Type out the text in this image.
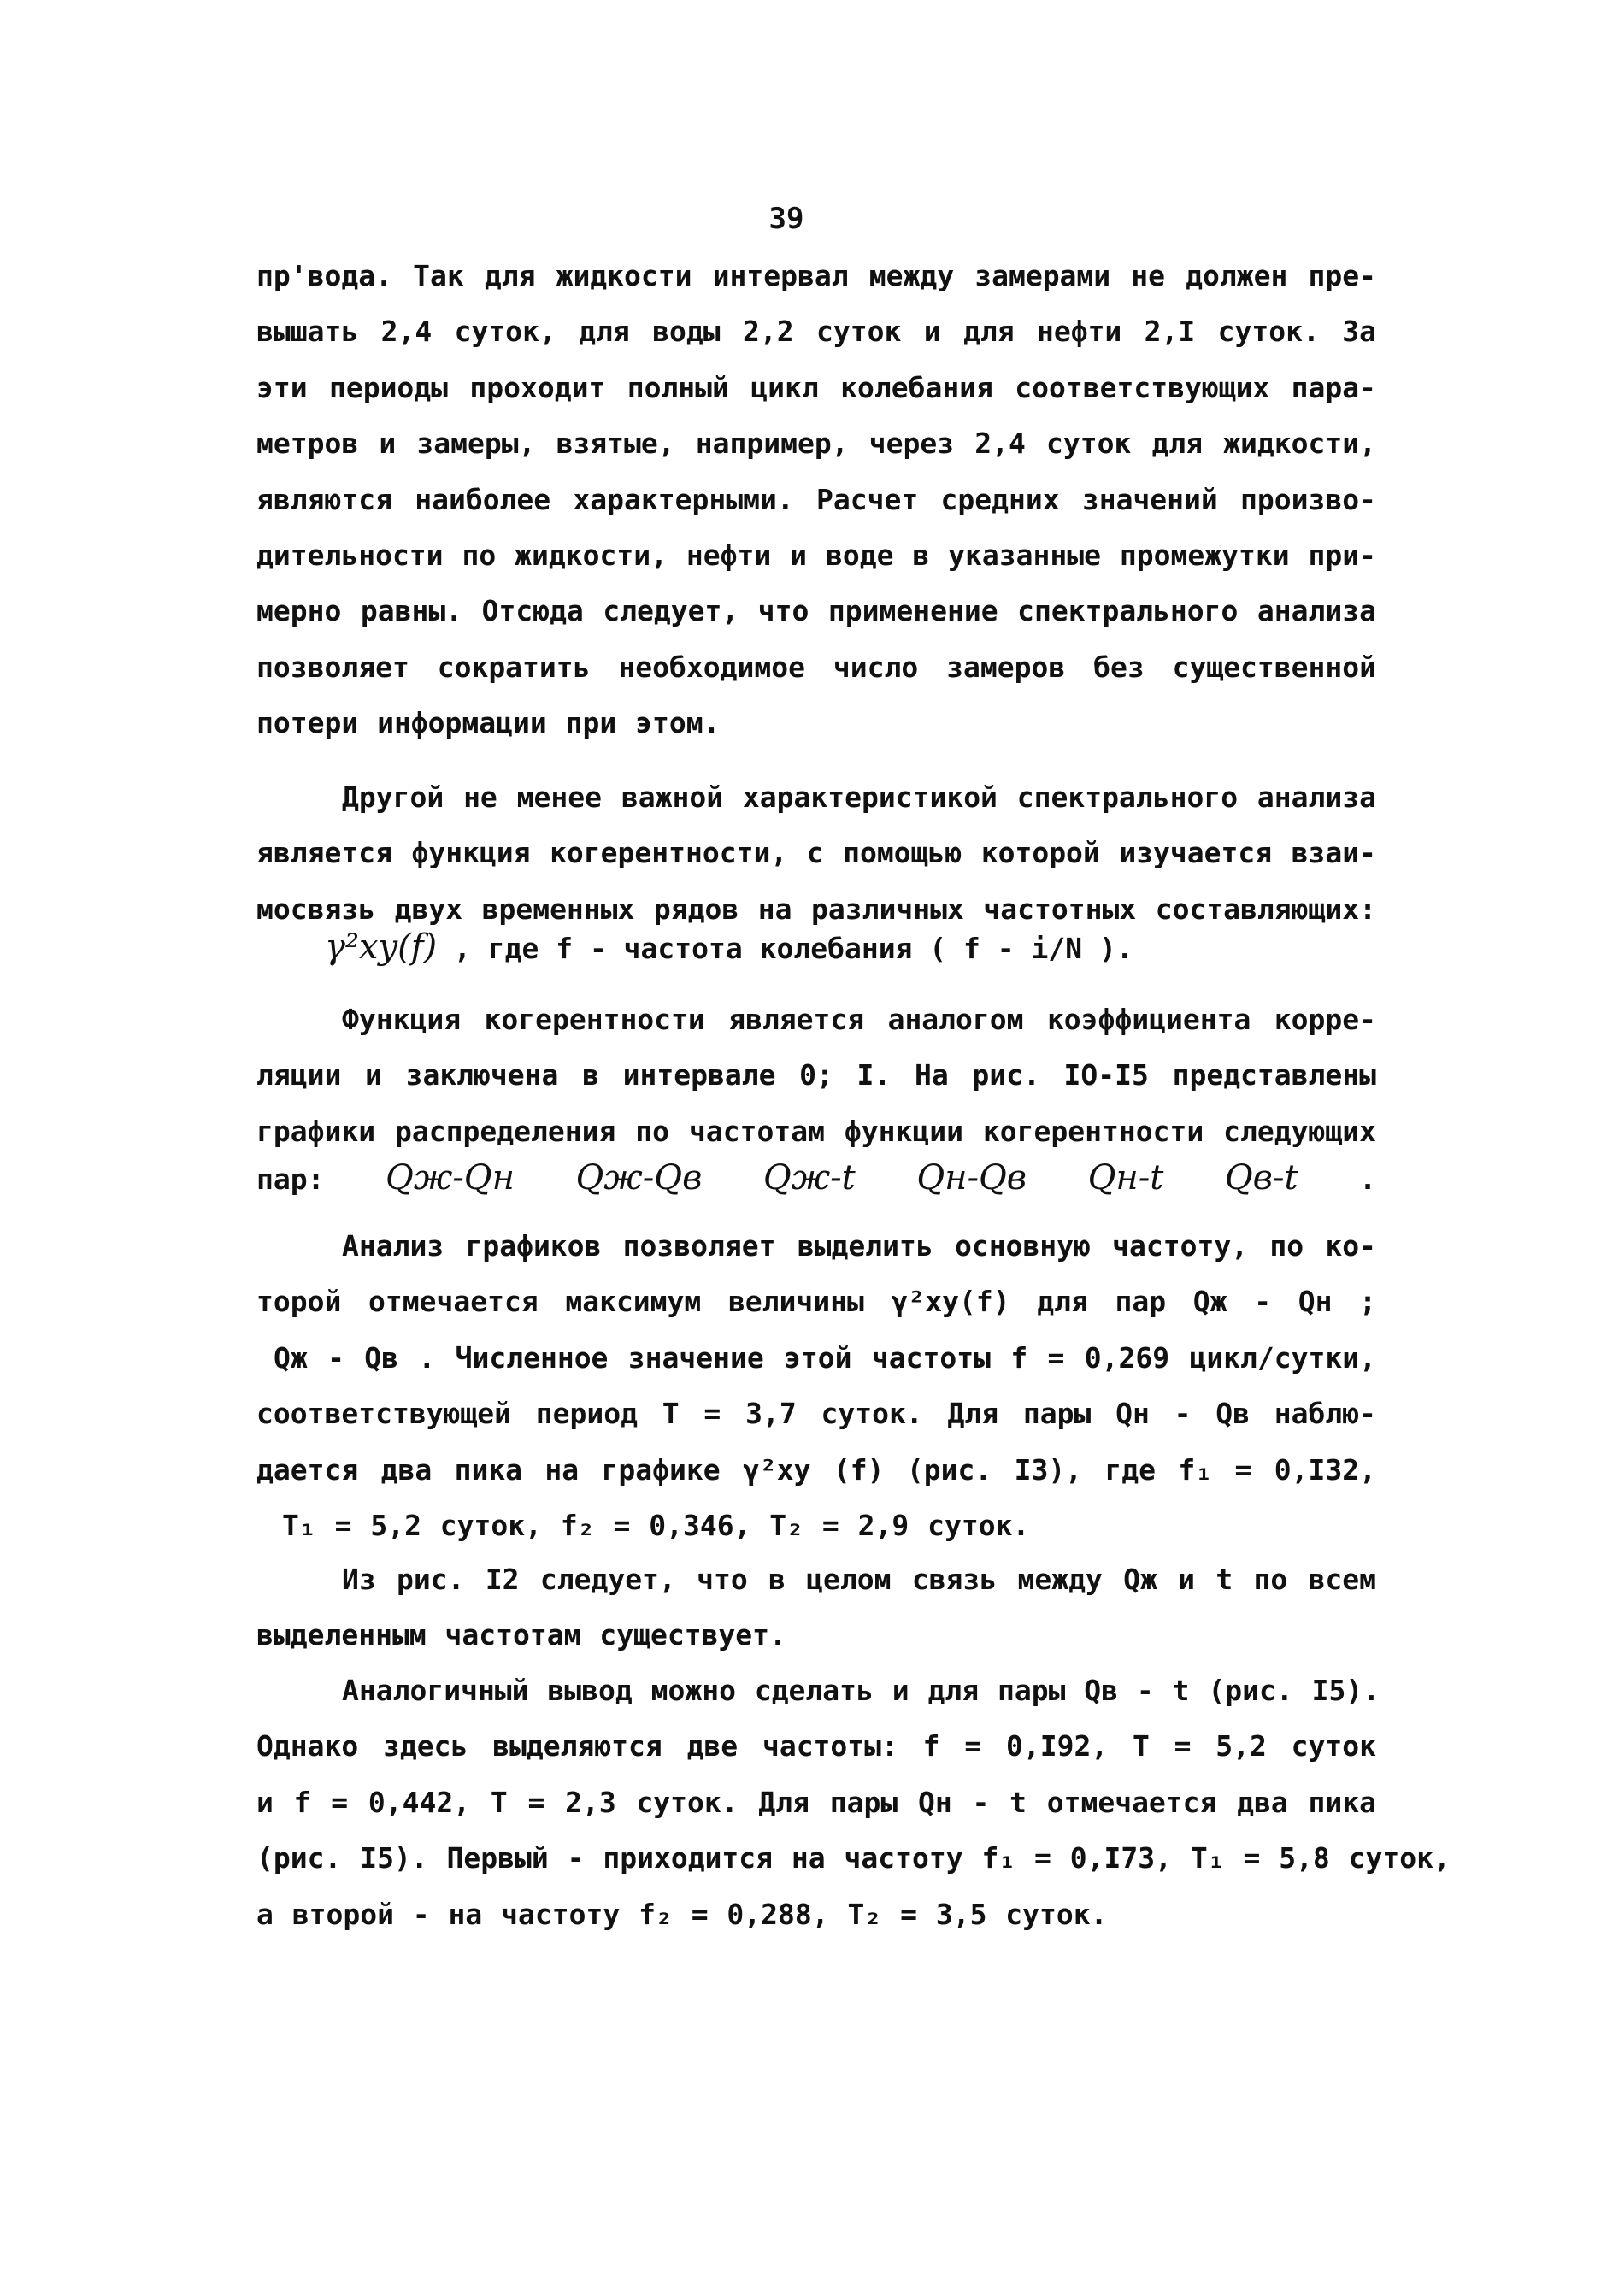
39
пр'вода. Так для жидкости интервал между замерами не должен пре-
вышать 2,4 суток, для воды 2,2 суток и для нефти 2,I суток. За
эти периоды проходит полный цикл колебания соответствующих пара-
метров и замеры, взятые, например, через 2,4 суток для жидкости,
являются наиболее характерными. Расчет средних значений произво-
дительности по жидкости, нефти и воде в указанные промежутки при-
мерно равны. Отсюда следует, что применение спектрального анализа
позволяет сократить необходимое число замеров без существенной
потери информации при этом.
Другой не менее важной характеристикой спектрального анализа
является функция когерентности, с помощью которой изучается взаи-
мосвязь двух временных рядов на различных частотных составляющих:
γ²xy(f) , где f - частота колебания ( f - i/N ).
Функция когерентности является аналогом коэффициента корре-
ляции и заключена в интервале 0; I. На рис. IO-I5 представлены
графики распределения по частотам функции когерентности следующих
пар: Qж-Qн Qж-Qв Qж-t Qн-Qв Qн-t Qв-t .
Анализ графиков позволяет выделить основную частоту, по ко-
торой отмечается максимум величины γ²xy(f) для пар Qж - Qн ;
Qж - Qв . Численное значение этой частоты f = 0,269 цикл/сутки,
соответствующей период T = 3,7 суток. Для пары Qн - Qв наблю-
дается два пика на графике γ²xy (f) (рис. I3), где f₁ = 0,I32,
T₁ = 5,2 суток, f₂ = 0,346, T₂ = 2,9 суток.
Из рис. I2 следует, что в целом связь между Qж и t по всем
выделенным частотам существует.
Аналогичный вывод можно сделать и для пары Qв - t (рис. I5).
Однако здесь выделяются две частоты: f = 0,I92, T = 5,2 суток
и f = 0,442, T = 2,3 суток. Для пары Qн - t отмечается два пика
(рис. I5). Первый - приходится на частоту f₁ = 0,I73, T₁ = 5,8 суток,
а второй - на частоту f₂ = 0,288, T₂ = 3,5 суток.
